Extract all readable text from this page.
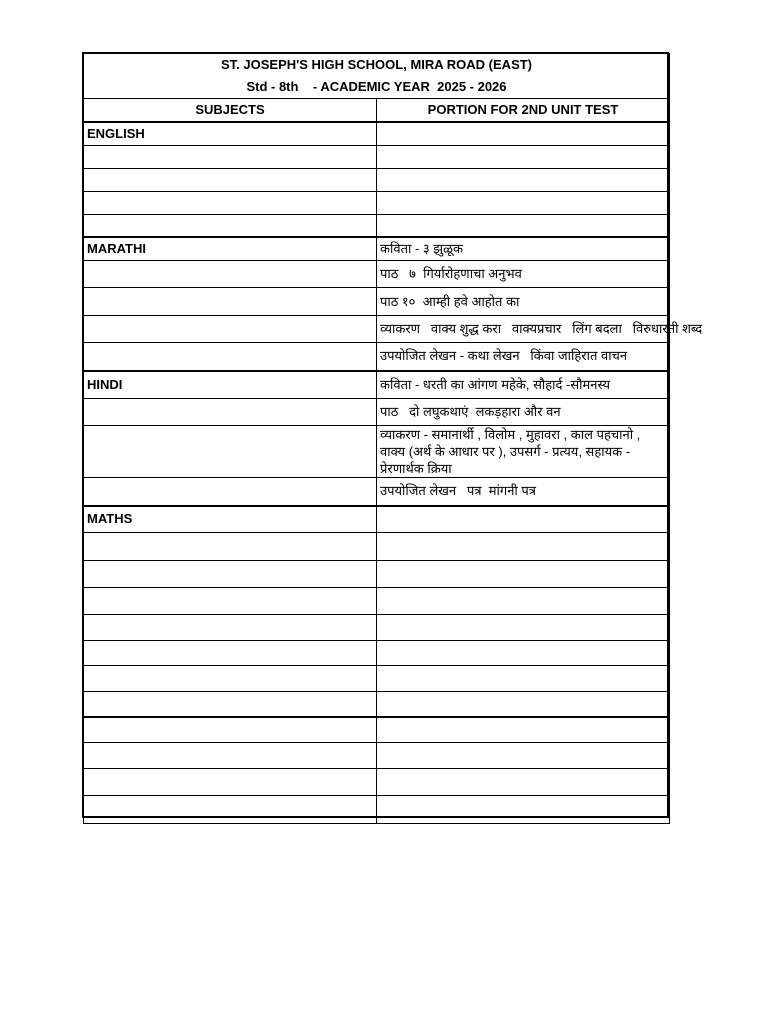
ST. JOSEPH'S HIGH SCHOOL, MIRA ROAD (EAST)	
Std - 8th    - ACADEMIC YEAR  2025 - 2026	
SUBJECTS	PORTION FOR 2ND UNIT TEST
ENGLISH	

MARATHI	कविता - ३ झुळूक
	पाठ   ७  गिर्यारोहणाचा अनुभव
	पाठ १०  आम्ही हवे आहोत का
	व्याकरण   वाक्य शुद्ध करा   वाक्यप्रचार   लिंग बदला   विरुधारती शब्द
	उपयोजित लेखन - कथा लेखन   किंवा जाहिरात वाचन
HINDI	कविता - धरती का आंगण महेके, सौहार्द -सौमनस्य
	पाठ   दो लघुकथाएं  लकड़हारा और वन
	व्याकरण - समानार्थी , विलोम , मुहावरा , काल पहचानो , वाक्य (अर्थ के आधार पर ), उपसर्ग - प्रत्यय, सहायक - प्रेरणार्थक क्रिया
	उपयोजित लेखन   पत्र  मांगनी पत्र
MATHS	
